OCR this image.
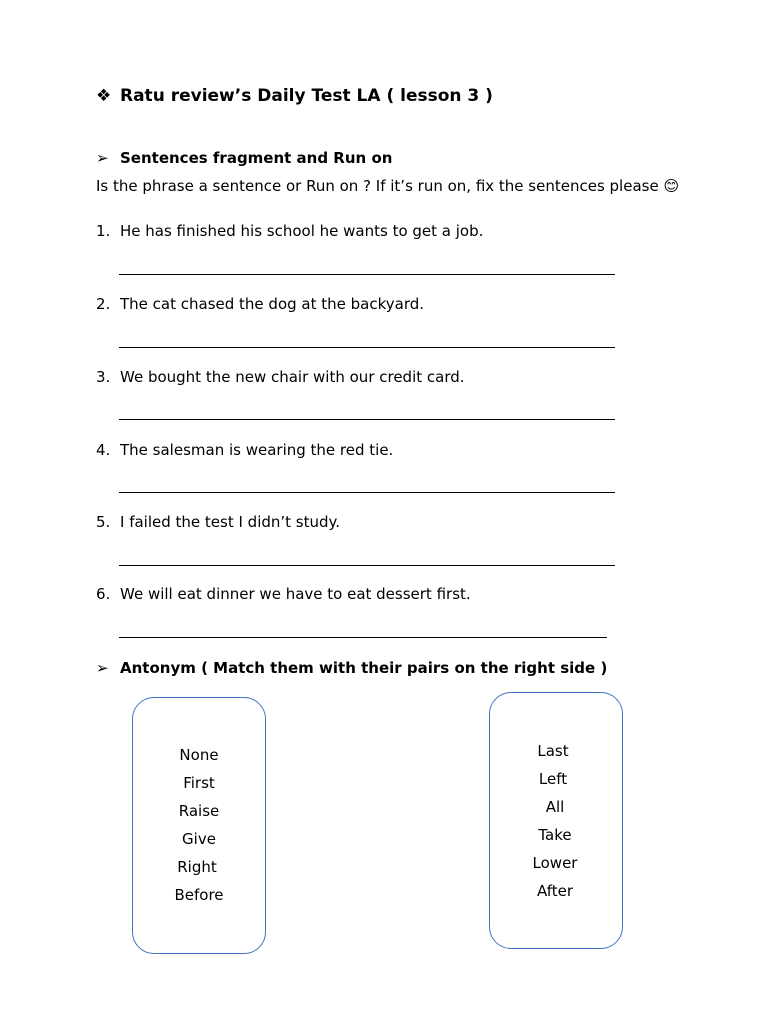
❖ Ratu review’s Daily Test LA ( lesson 3 )
➢ Sentences fragment and Run on
Is the phrase a sentence or Run on ? If it’s run on, fix the sentences please 😊
1. He has finished his school he wants to get a job.
2. The cat chased the dog at the backyard.
3. We bought the new chair with our credit card.
4. The salesman is wearing the red tie.
5. I failed the test I didn’t study.
6. We will eat dinner we have to eat dessert first.
➢ Antonym ( Match them with their pairs on the right side )
None
First
Raise
Give
Right
Before
Last
Left
All
Take
Lower
After
